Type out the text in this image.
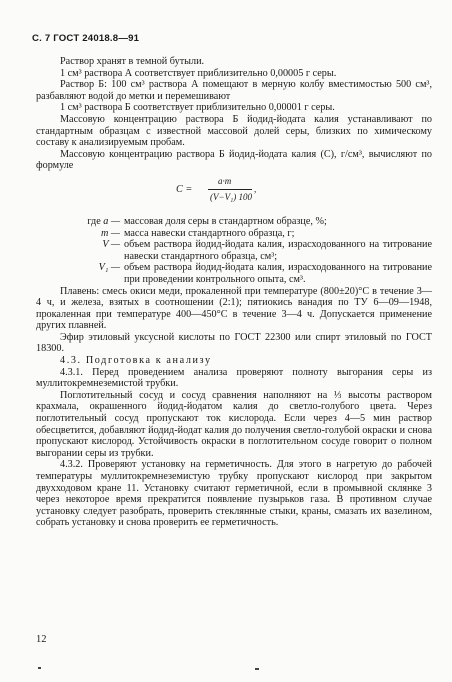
С. 7 ГОСТ 24018.8—91

Раствор хранят в темной бутыли.

1 см³ раствора А соответствует приблизительно 0,00005 г серы.

Раствор Б: 100 см³ раствора А помещают в мерную колбу вместимостью 500 см³, разбавляют водой до метки и перемешивают

1 см³ раствора Б соответствует приблизительно 0,00001 г серы.

Массовую концентрацию раствора Б йодид-йодата калия устанавливают по стандартным образцам с известной массовой долей серы, близких по химическому составу к анализируемым пробам.

Массовую концентрацию раствора Б йодид-йодата калия (C), г/см³, вычисляют по формуле

C =
a·m
(V−V₁) 100
,
где a — массовая доля серы в стандартном образце, %;
m — масса навески стандартного образца, г;
V — объем раствора йодид-йодата калия, израсходованного на титрование навески стандартного образца, см³;
V₁ — объем раствора йодид-йодата калия, израсходованного на титрование при проведении контрольного опыта, см³.

Плавень: смесь окиси меди, прокаленной при температуре (800±20)°С в течение 3—4 ч, и железа, взятых в соотношении (2:1); пятиокись ванадия по ТУ 6—09—1948, прокаленная при температуре 400—450°С в течение 3—4 ч. Допускается применение других плавней.

Эфир этиловый уксусной кислоты по ГОСТ 22300 или спирт этиловый по ГОСТ 18300.

4.3. Подготовка к анализу

4.3.1. Перед проведением анализа проверяют полноту выгорания серы из муллитокремнеземистой трубки.

Поглотительный сосуд и сосуд сравнения наполняют на ⅓ высоты раствором крахмала, окрашенного йодид-йодатом калия до светло-голубого цвета. Через поглотительный сосуд пропускают ток кислорода. Если через 4—5 мин раствор обесцветится, добавляют йодид-йодат калия до получения светло-голубой окраски и снова пропускают кислород. Устойчивость окраски в поглотительном сосуде говорит о полном выгорании серы из трубки.

4.3.2. Проверяют установку на герметичность. Для этого в нагретую до рабочей температуры муллитокремнеземистую трубку пропускают кислород при закрытом двухходовом кране 11. Установку считают герметичной, если в промывной склянке 3 через некоторое время прекратится появление пузырьков газа. В противном случае установку следует разобрать, проверить стеклянные стыки, краны, смазать их вазелином, собрать установку и снова проверить ее герметичность.

12
